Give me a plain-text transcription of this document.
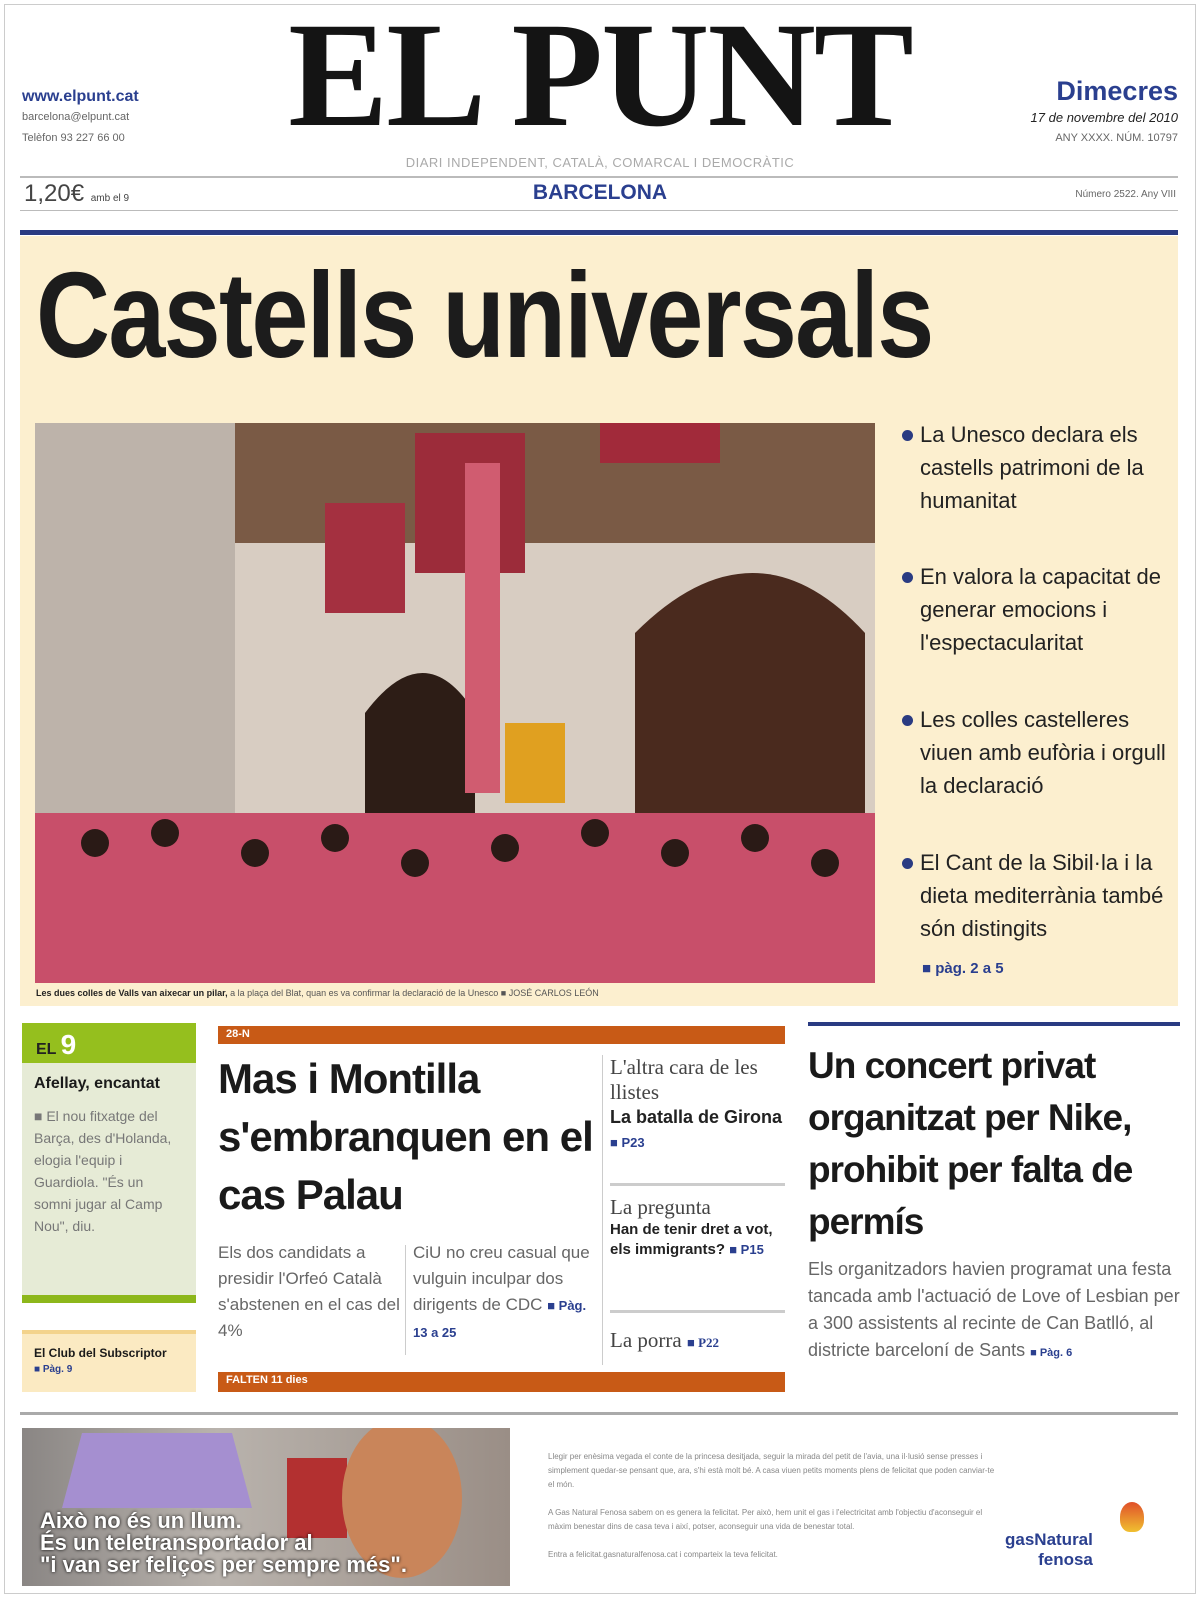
EL PUNT
www.elpunt.cat
barcelona@elpunt.cat
Telèfon 93 227 66 00
Dimecres
17 de novembre del 2010
ANY XXXX. NÚM. 10797
DIARI INDEPENDENT, CATALÀ, COMARCAL I DEMOCRÀTIC
1,20€ amb el 9	BARCELONA	Número 2522. Any VIII
Castells universals
La Unesco declara els castells patrimoni de la humanitat
En valora la capacitat de generar emocions i l'espectacularitat
Les colles castelleres viuen amb eufòria i orgull la declaració
El Cant de la Sibil·la i la dieta mediterrània també són distingits
■ pàg. 2 a 5
Les dues colles de Valls van aixecar un pilar, a la plaça del Blat, quan es va confirmar la declaració de la Unesco ■ JOSÉ CARLOS LEÓN
EL 9
Afellay, encantat
■ El nou fitxatge del Barça, des d'Holanda, elogia l'equip i Guardiola. "És un somni jugar al Camp Nou", diu.
El Club del Subscriptor
■ Pàg. 9
28-N
Mas i Montilla s'embranquen en el cas Palau
Els dos candidats a presidir l'Orfeó Català s'abstenen en el cas del 4%
CiU no creu casual que vulguin inculpar dos dirigents de CDC ■ Pàg. 13 a 25
L'altra cara de les llistes
La batalla de Girona ■ P23
La pregunta
Han de tenir dret a vot, els immigrants? ■ P15
La porra ■ P22
FALTEN 11 dies
Un concert privat organitzat per Nike, prohibit per falta de permís
Els organitzadors havien programat una festa tancada amb l'actuació de Love of Lesbian per a 300 assistents al recinte de Can Batlló, al districte barceloní de Sants ■ Pàg. 6
Això no és un llum.
És un teletransportador al
"i van ser feliços per sempre més".

Llegir per enèsima vegada el conte de la princesa desitjada, seguir la mirada del petit de l'avia, una il·lusió sense presses i simplement quedar-se pensant que, ara, s'hi està molt bé. A casa viuen petits moments plens de felicitat que poden canviar-te el món.

A Gas Natural Fenosa sabem on es genera la felicitat. Per això, hem unit el gas i l'electricitat amb l'objectiu d'aconseguir el màxim benestar dins de casa teva i així, potser, aconseguir una vida de benestar total.

Entra a felicitat.gasnaturalfenosa.cat i comparteix la teva felicitat.

gasNatural
fenosa
